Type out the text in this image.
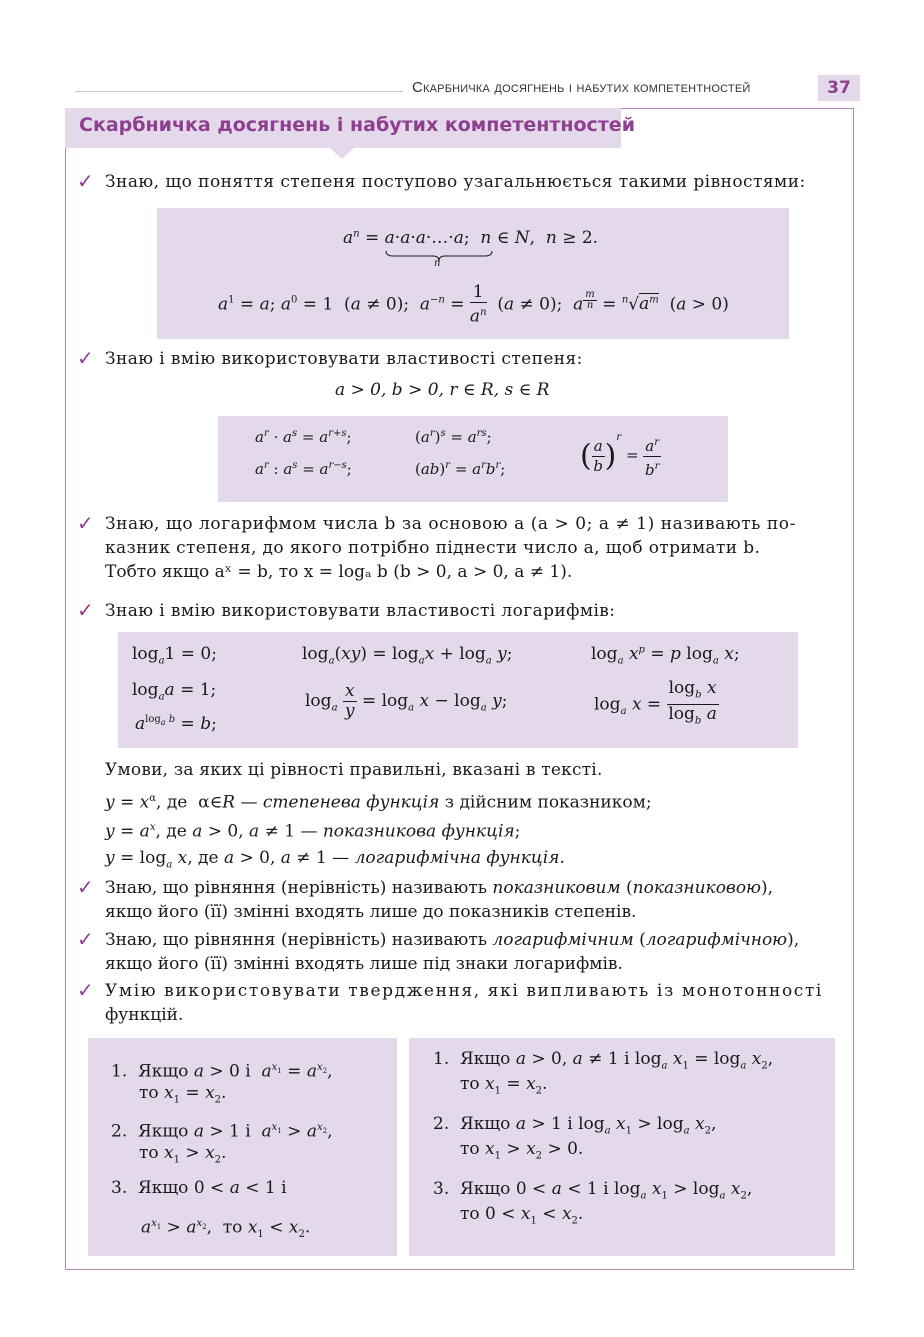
Скарбничка досягнень і набутих компетентностей	37
Скарбничка досягнень і набутих компетентностей
✓ Знаю, що поняття степеня поступово узагальнюється такими рівностями:
$a^n$ = a·a·a·…·a;  n ∈ N,  n ≥ 2.
n
$a^1 = a$; $a^0 = 1$  (a ≠ 0);  $a^{-n} = \frac{1}{a^n} (a \ne 0)$;  a $^{\frac{m}{n}} = ^n√a^m$  (a > 0)
✓ Знаю і вмію використовувати властивості степеня:
a > 0, b > 0, r ∈ R, s ∈ R
$a^r \cdot a^s = a^{r+s}$;
$a^r$ : $a^s = a^{r-s}$;
$(a^r)^s = a^{rs}$;
$(ab)^r = a^rb^r$; ( $\frac{a}{b} )^r = \frac{a^r}{b^r}$
✓ Знаю, що логарифмом числа b за основою a (a > 0; a ≠ 1) називають по-
казник степеня, до якого потрібно піднести число a, щоб отримати b.
Тобто якщо aˣ = b, то x = logₐ b (b > 0, a > 0, a ≠ 1).
✓ Знаю і вмію використовувати властивості логарифмів:
$\log_a1 = 0$;
$\log_aa = 1$;
$a^{log_a b} = b$;
$\log_a(xy) = \log_ax + \log_a y$;
$\log_a \frac{x}{y} = \log_a x - \log_a y$;
$\log_a x^p = p$ $\log_a x$;
$\log_a x = \frac{\log_b x}{\log_b a}$
Умови, за яких ці рівності правильні, вказані в тексті.
$y = x^\alpha$, де  α∈R — степенева функція з дійсним показником;
$y = a^x$, де a > 0, a ≠ 1 — показникова функція;
$y = \log_a x$, де a > 0, a ≠ 1 — логарифмічна функція.
✓ Знаю, що рівняння (нерівність) називають показниковим (показниковою),
якщо його (її) змінні входять лише до показників степенів.
✓ Знаю, що рівняння (нерівність) називають логарифмічним (логарифмічною),
якщо його (її) змінні входять лише під знаки логарифмів.
✓ Умію використовувати твердження, які випливають із монотонності
функцій.
1.  Якщо a > 0 і  $a^{x_1} = a^{x_2}$,
то $x_1 = x_2$.
2.  Якщо a > 1 і  $a^{x_1} > a^{x_2}$,
то $x_1 > x_2$.
3.  Якщо 0 < a < 1 і
$a^{x_1} > a^{x_2}$,  то $x_1 < x_2$.
1.  Якщо a > 0, a ≠ 1 і $\log_a x_1 = \log_a x_2$,
то $x_1 = x_2$.
2.  Якщо a > 1 і $\log_a x_1 > \log_a x_2$,
то $x_1 > x_2 > 0$.
3.  Якщо 0 < a < 1 і $\log_a x_1 > \log_a x_2$,
то $0 < x_1 < x_2$.
